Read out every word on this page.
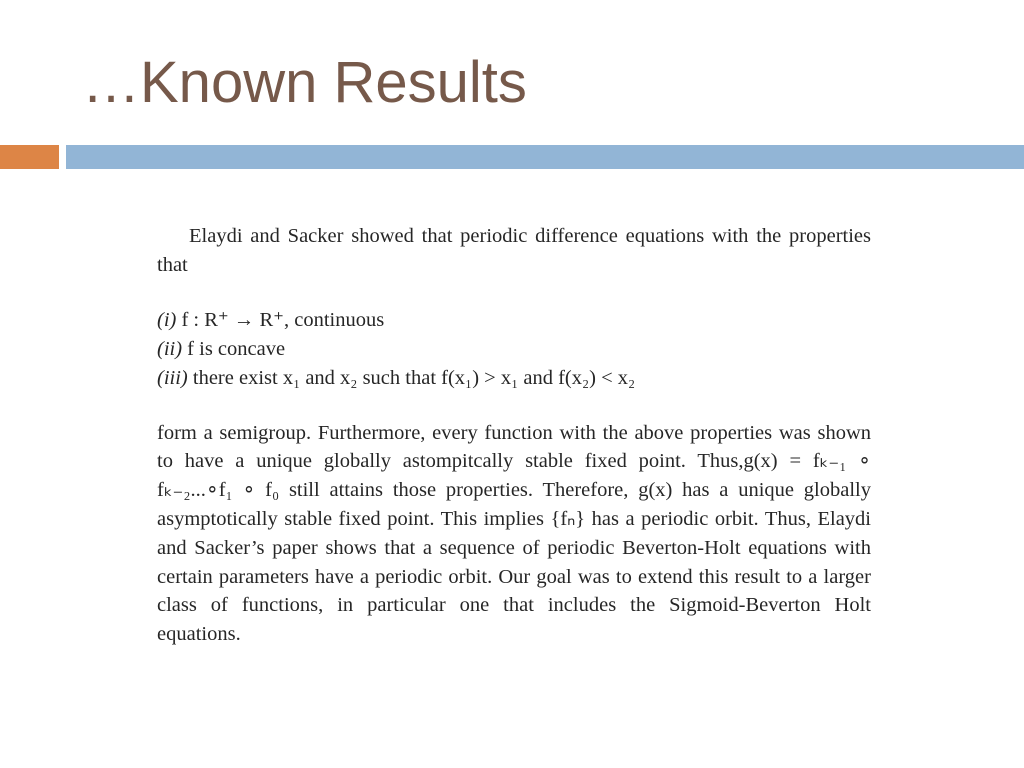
…Known Results

Elaydi and Sacker showed that periodic difference equations with the properties that

(i) f : R⁺ → R⁺, continuous
(ii) f is concave
(iii) there exist x₁ and x₂ such that f(x₁) > x₁ and f(x₂) < x₂

form a semigroup. Furthermore, every function with the above properties was shown to have a unique globally astompitcally stable fixed point. Thus,g(x) = fₖ₋₁ ∘ fₖ₋₂...∘f₁ ∘ f₀ still attains those properties. Therefore, g(x) has a unique globally asymptotically stable fixed point. This implies {fₙ} has a periodic orbit. Thus, Elaydi and Sacker’s paper shows that a sequence of periodic Beverton-Holt equations with certain parameters have a periodic orbit. Our goal was to extend this result to a larger class of functions, in particular one that includes the Sigmoid-Beverton Holt equations.
